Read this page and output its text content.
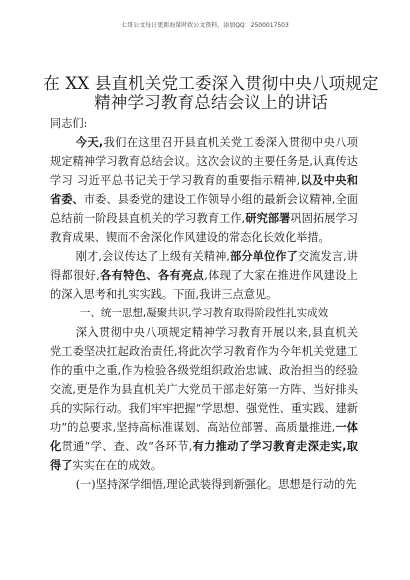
七哥公文每日更新海量时政公文资料，添加QQ：2500017503
在 XX 县直机关党工委深入贯彻中央八项规定精神学习教育总结会议上的讲话

同志们:

今天,我们在这里召开县直机关党工委深入贯彻中央八项规定精神学习教育总结会议。这次会议的主要任务是,认真传达学习 习近平总书记关于学习教育的重要指示精神,以及中央和省委、市委、县委党的建设工作领导小组的最新会议精神,全面总结前一阶段县直机关的学习教育工作,研究部署巩固拓展学习教育成果、锲而不舍深化作风建设的常态化长效化举措。

刚才,会议传达了上级有关精神,部分单位作了交流发言,讲得都很好,各有特色、各有亮点,体现了大家在推进作风建设上的深入思考和扎实实践。下面,我讲三点意见。

一、统一思想,凝聚共识,学习教育取得阶段性扎实成效

深入贯彻中央八项规定精神学习教育开展以来,县直机关党工委坚决扛起政治责任,将此次学习教育作为今年机关党建工作的重中之重,作为检验各级党组织政治忠诚、政治担当的经验交流,更是作为县直机关广大党员干部走好第一方阵、当好排头兵的实际行动。我们牢牢把握“学思想、强党性、重实践、建新功”的总要求,坚持高标准谋划、高站位部署、高质量推进,一体化贯通“学、查、改”各环节,有力推动了学习教育走深走实,取得了实实在在的成效。

(一)坚持深学细悟,理论武装得到新强化。思想是行动的先
